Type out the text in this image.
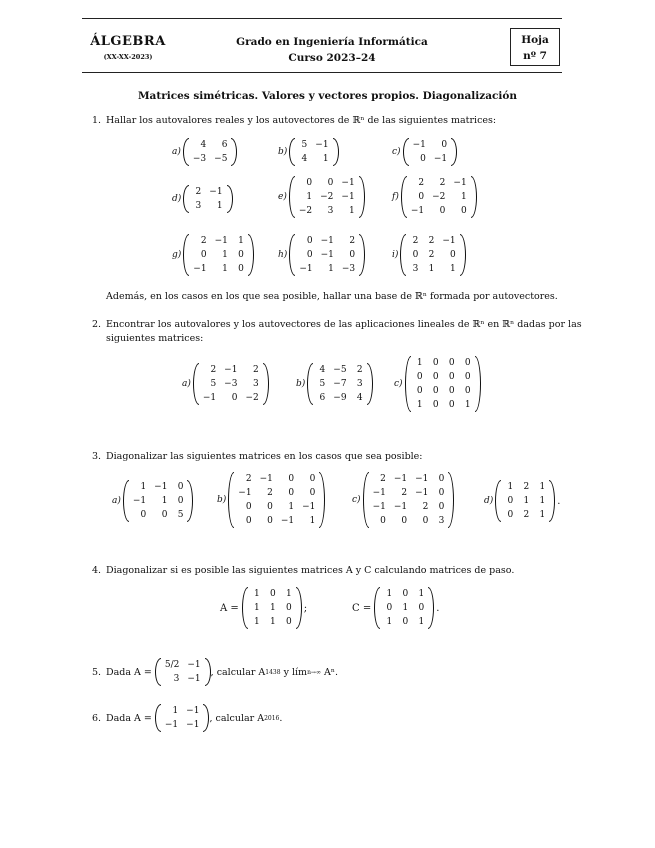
ÁLGEBRA
(XX-XX-2023)
Grado en Ingeniería Informática
Curso 2023–24
Hoja
nº 7
Matrices simétricas. Valores y vectores propios. Diagonalización
1. Hallar los autovalores reales y los autovectores de ℝⁿ de las siguientes matrices:
a)
4	6
−3	−5
b)
5	−1
4	1
c)
−1	0
0	−1
d)
2	−1
3	1
e)
0	0	−1
1	−2	−1
−2	3	1
f)
2	2	−1
0	−2	1
−1	0	0
g)
2	−1	1
0	1	0
−1	1	0
h)
0	−1	2
0	−1	0
−1	1	−3
i)
2	2	−1
0	2	0
3	1	1
Además, en los casos en los que sea posible, hallar una base de ℝⁿ formada por autovectores.
2. Encontrar los autovalores y los autovectores de las aplicaciones lineales de ℝⁿ en ℝⁿ dadas por las
siguientes matrices:
a)
2	−1	2
5	−3	3
−1	0	−2
b)
4	−5	2
5	−7	3
6	−9	4
c)
1	0	0	0
0	0	0	0
0	0	0	0
1	0	0	1
3. Diagonalizar las siguientes matrices en los casos que sea posible:
a)
1	−1	0
−1	1	0
0	0	5
b)
2	−1	0	0
−1	2	0	0
0	0	1	−1
0	0	−1	1
c)
2	−1	−1	0
−1	2	−1	0
−1	−1	2	0
0	0	0	3
d)
1	2	1
0	1	1
0	2	1
.
4. Diagonalizar si es posible las siguientes matrices A y C calculando matrices de paso.
A =
1	0	1
1	1	0
1	1	0
;	C =
1	0	1
0	1	0
1	0	1
.
5. Dada A =
5/2	−1
3	−1
, calcular A 1438 y lím n→∞ Aⁿ.
6. Dada A =
1	−1
−1	−1
, calcular A 2016 .
